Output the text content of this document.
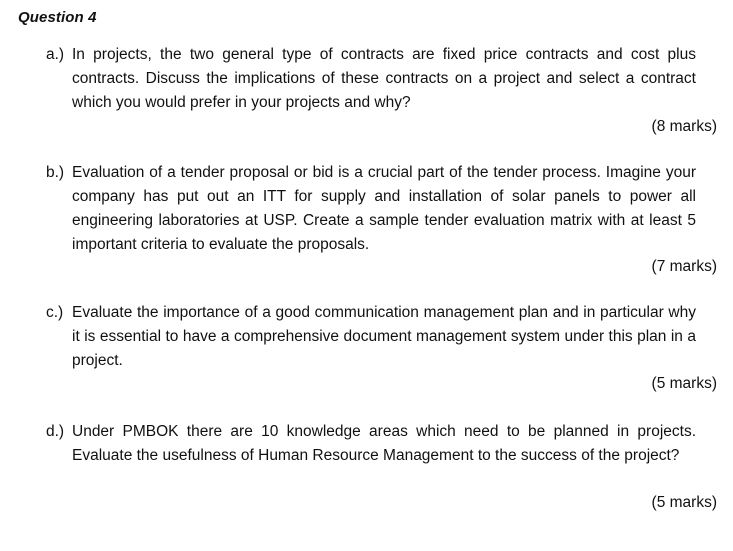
Question 4
a.) In projects, the two general type of contracts are fixed price contracts and cost plus contracts. Discuss the implications of these contracts on a project and select a contract which you would prefer in your projects and why?
(8 marks)
b.) Evaluation of a tender proposal or bid is a crucial part of the tender process. Imagine your company has put out an ITT for supply and installation of solar panels to power all engineering laboratories at USP. Create a sample tender evaluation matrix with at least 5 important criteria to evaluate the proposals.
(7 marks)
c.) Evaluate the importance of a good communication management plan and in particular why it is essential to have a comprehensive document management system under this plan in a project.
(5 marks)
d.) Under PMBOK there are 10 knowledge areas which need to be planned in projects. Evaluate the usefulness of Human Resource Management to the success of the project?
(5 marks)
